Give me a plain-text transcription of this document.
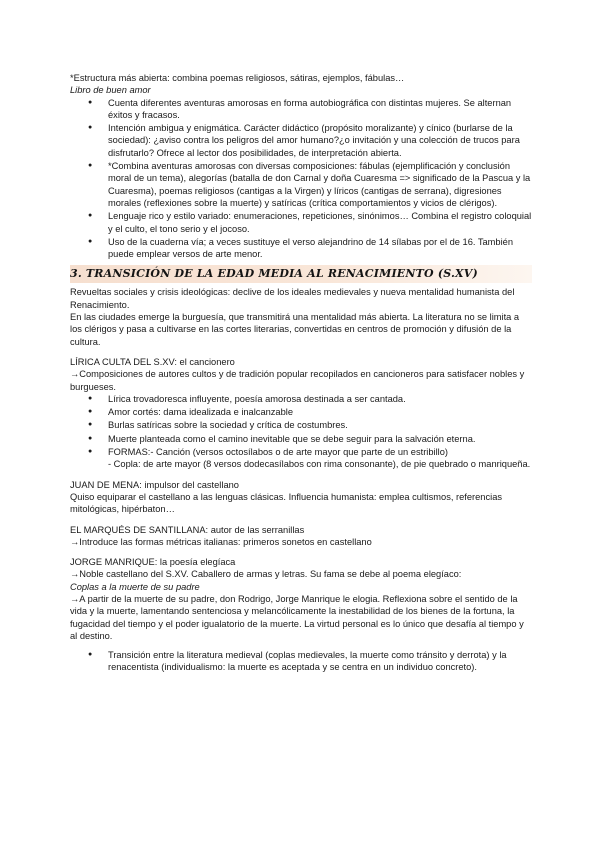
*Estructura más abierta: combina poemas religiosos, sátiras, ejemplos, fábulas…

Libro de buen amor

● Cuenta diferentes aventuras amorosas en forma autobiográfica con distintas mujeres. Se alternan éxitos y fracasos.
● Intención ambigua y enigmática. Carácter didáctico (propósito moralizante) y cínico (burlarse de la sociedad): ¿aviso contra los peligros del amor humano?¿o invitación y una colección de trucos para disfrutarlo? Ofrece al lector dos posibilidades, de interpretación abierta.
● *Combina aventuras amorosas con diversas composiciones: fábulas (ejemplificación y conclusión moral de un tema), alegorías (batalla de don Carnal y doña Cuaresma => significado de la Pascua y la Cuaresma), poemas religiosos (cantigas a la Virgen) y líricos (cantigas de serrana), digresiones morales (reflexiones sobre la muerte) y satíricas (crítica comportamientos y vicios de clérigos).
● Lenguaje rico y estilo variado: enumeraciones, repeticiones, sinónimos… Combina el registro coloquial y el culto, el tono serio y el jocoso.
● Uso de la cuaderna vía; a veces sustituye el verso alejandrino de 14 sílabas por el de 16. También puede emplear versos de arte menor.
3. TRANSICIÓN DE LA EDAD MEDIA AL RENACIMIENTO (S.XV)

Revueltas sociales y crisis ideológicas: declive de los ideales medievales y nueva mentalidad humanista del Renacimiento.

En las ciudades emerge la burguesía, que transmitirá una mentalidad más abierta. La literatura no se limita a los clérigos y pasa a cultivarse en las cortes literarias, convertidas en centros de promoción y difusión de la cultura.

LÍRICA CULTA DEL S.XV: el cancionero

→Composiciones de autores cultos y de tradición popular recopilados en cancioneros para satisfacer nobles y burgueses.

● Lírica trovadoresca influyente, poesía amorosa destinada a ser cantada.
● Amor cortés: dama idealizada e inalcanzable
● Burlas satíricas sobre la sociedad y crítica de costumbres.
● Muerte planteada como el camino inevitable que se debe seguir para la salvación eterna.
● FORMAS:- Canción (versos octosílabos o de arte mayor que parte de un estribillo)
- Copla: de arte mayor (8 versos dodecasílabos con rima consonante), de pie quebrado o manriqueña.

JUAN DE MENA: impulsor del castellano

Quiso equiparar el castellano a las lenguas clásicas. Influencia humanista: emplea cultismos, referencias mitológicas, hipérbaton…

EL MARQUÉS DE SANTILLANA: autor de las serranillas

→Introduce las formas métricas italianas: primeros sonetos en castellano

JORGE MANRIQUE: la poesía elegíaca

→Noble castellano del S.XV. Caballero de armas y letras. Su fama se debe al poema elegíaco:

Coplas a la muerte de su padre

→A partir de la muerte de su padre, don Rodrigo, Jorge Manrique le elogia. Reflexiona sobre el sentido de la vida y la muerte, lamentando sentenciosa y melancólicamente la inestabilidad de los bienes de la fortuna, la fugacidad del tiempo y el poder igualatorio de la muerte. La virtud personal es lo único que desafía al tiempo y al destino.

● Transición entre la literatura medieval (coplas medievales, la muerte como tránsito y derrota) y la renacentista (individualismo: la muerte es aceptada y se centra en un individuo concreto).
